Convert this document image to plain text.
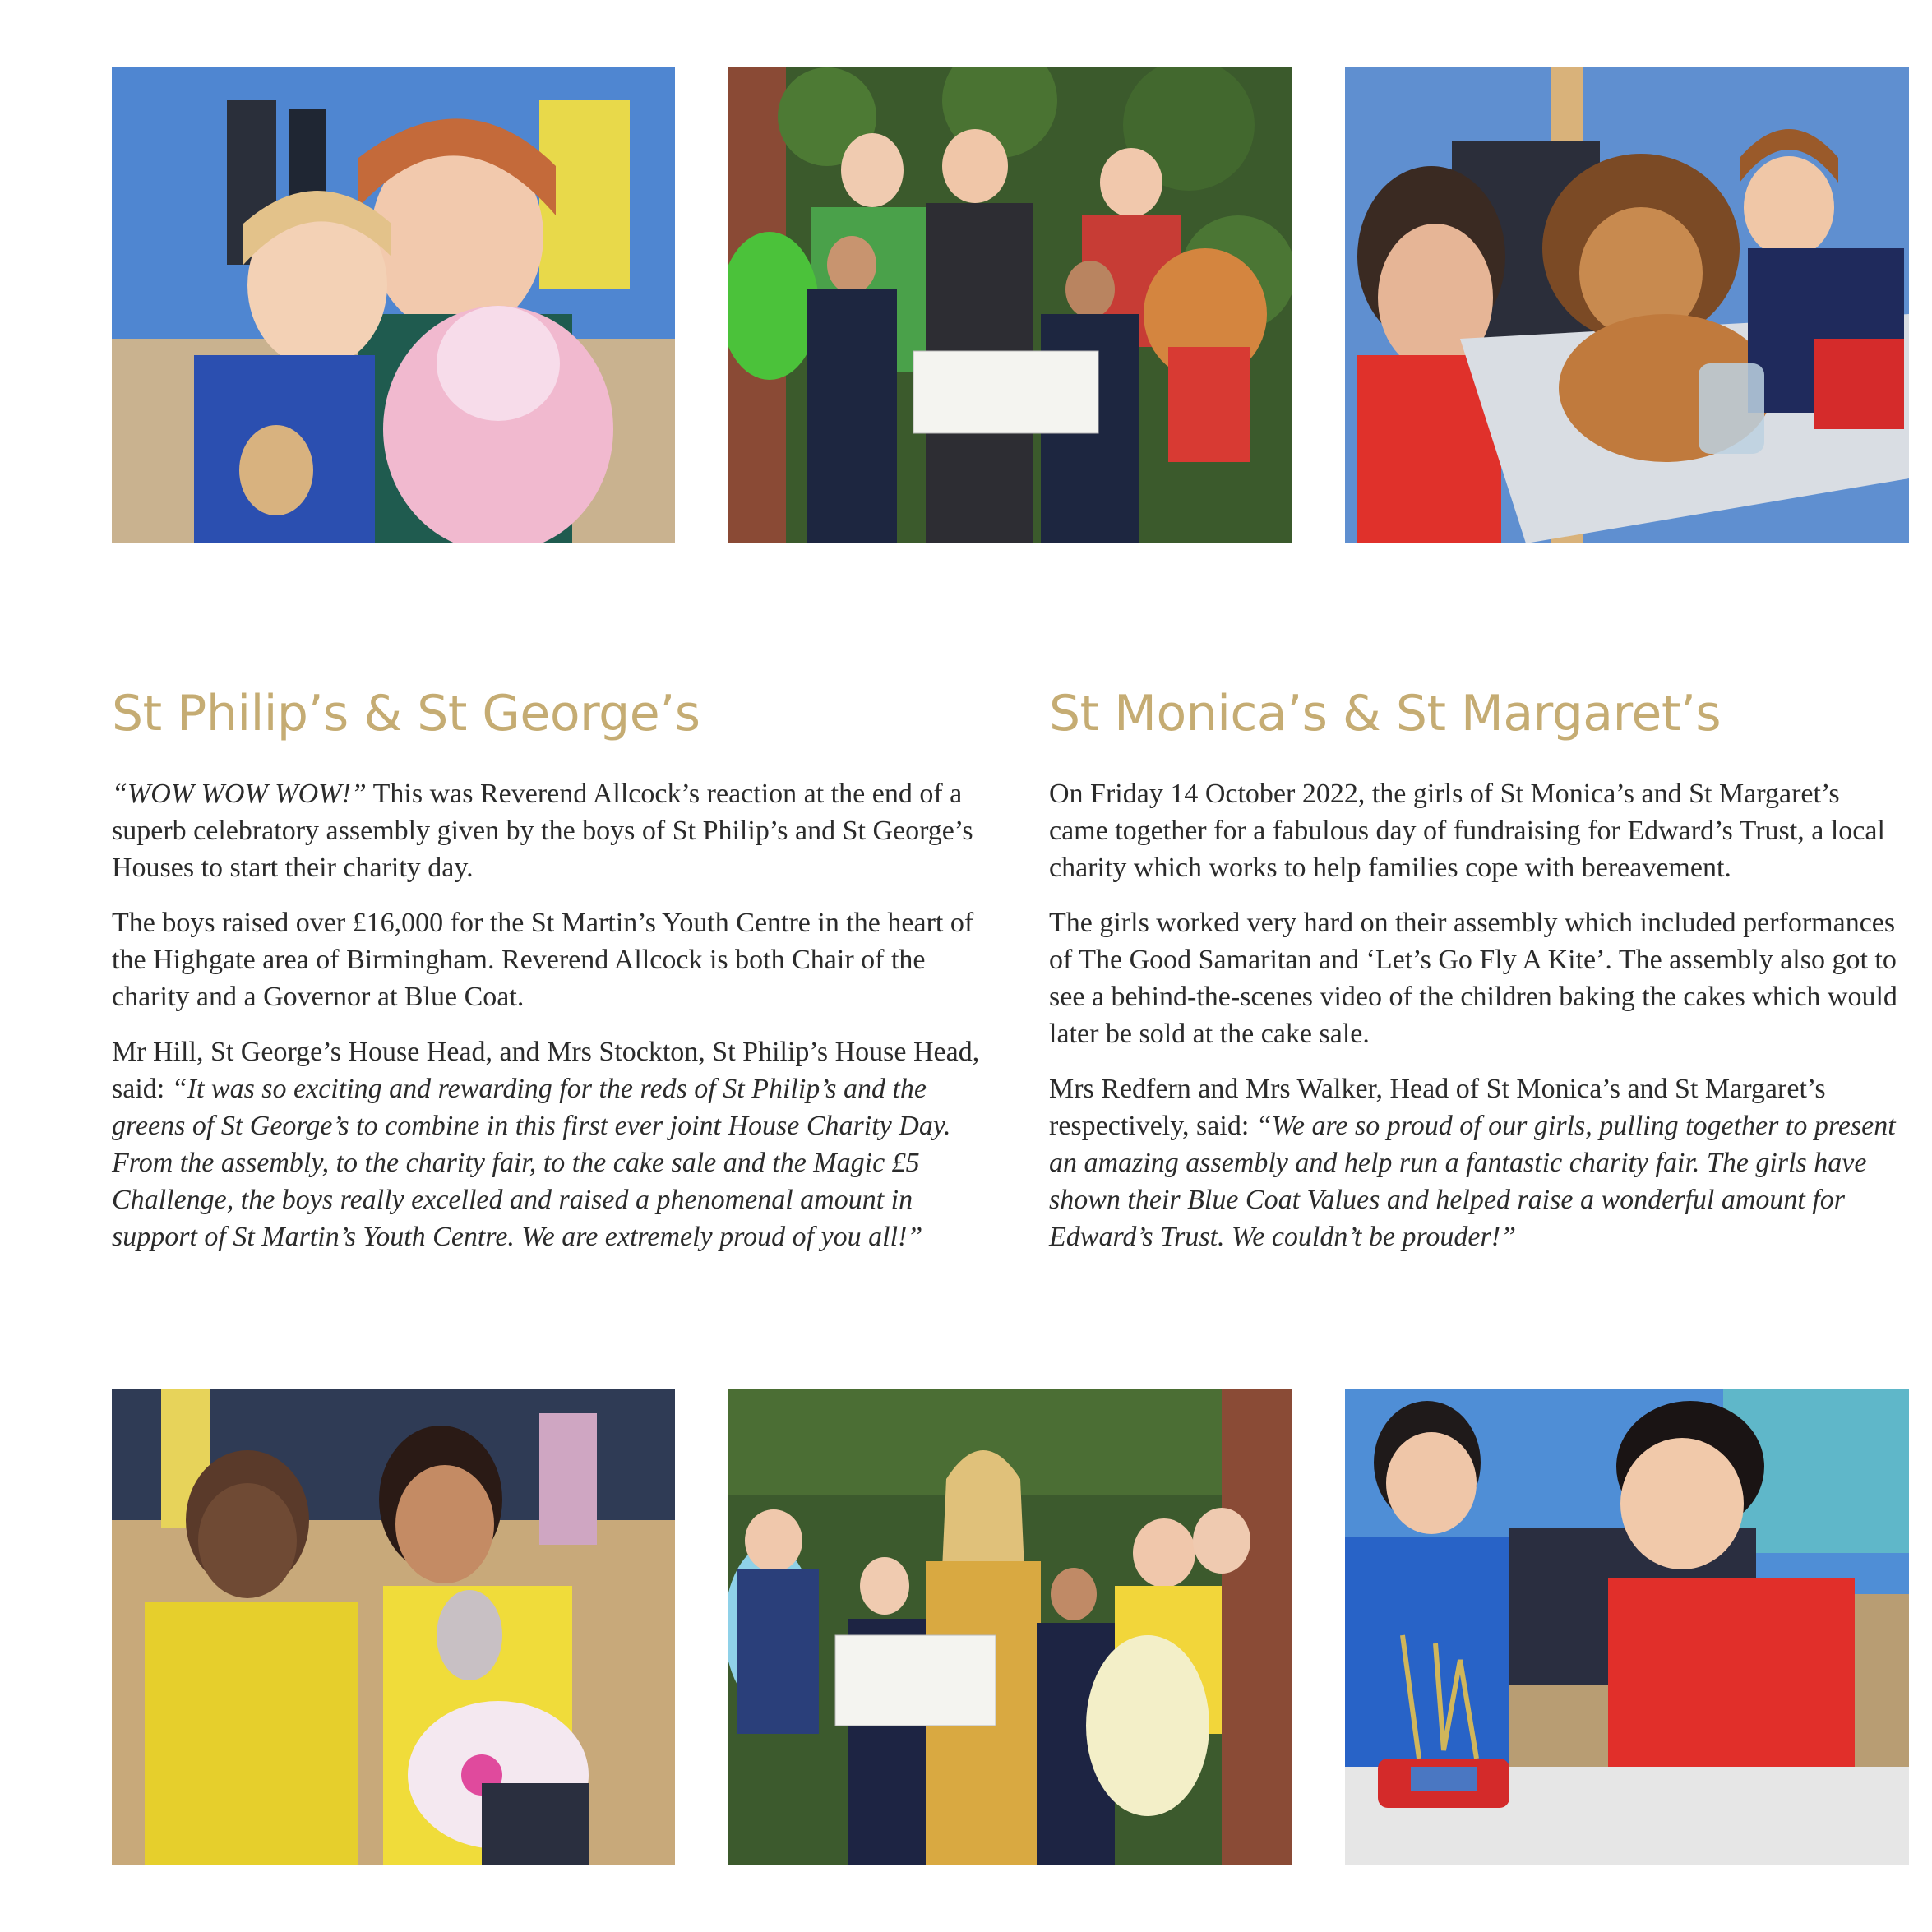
St Philip’s & St George’s

“WOW WOW WOW!” This was Reverend Allcock’s reaction at the end of a superb celebratory assembly given by the boys of St Philip’s and St George’s Houses to start their charity day.

The boys raised over £16,000 for the St Martin’s Youth Centre in the heart of the Highgate area of Birmingham. Reverend Allcock is both Chair of the charity and a Governor at Blue Coat.

Mr Hill, St George’s House Head, and Mrs Stockton, St Philip’s House Head, said: “It was so exciting and rewarding for the reds of St Philip’s and the greens of St George’s to combine in this first ever joint House Charity Day. From the assembly, to the charity fair, to the cake sale and the Magic £5 Challenge, the boys really excelled and raised a phenomenal amount in support of St Martin’s Youth Centre. We are extremely proud of you all!”

St Monica’s & St Margaret’s

On Friday 14 October 2022, the girls of St Monica’s and St Margaret’s came together for a fabulous day of fundraising for Edward’s Trust, a local charity which works to help families cope with bereavement.

The girls worked very hard on their assembly which included performances of The Good Samaritan and ‘Let’s Go Fly A Kite’. The assembly also got to see a behind-the-scenes video of the children baking the cakes which would later be sold at the cake sale.

Mrs Redfern and Mrs Walker, Head of St Monica’s and St Margaret’s respectively, said: “We are so proud of our girls, pulling together to present an amazing assembly and help run a fantastic charity fair. The girls have shown their Blue Coat Values and helped raise a wonderful amount for Edward’s Trust. We couldn’t be prouder!”
